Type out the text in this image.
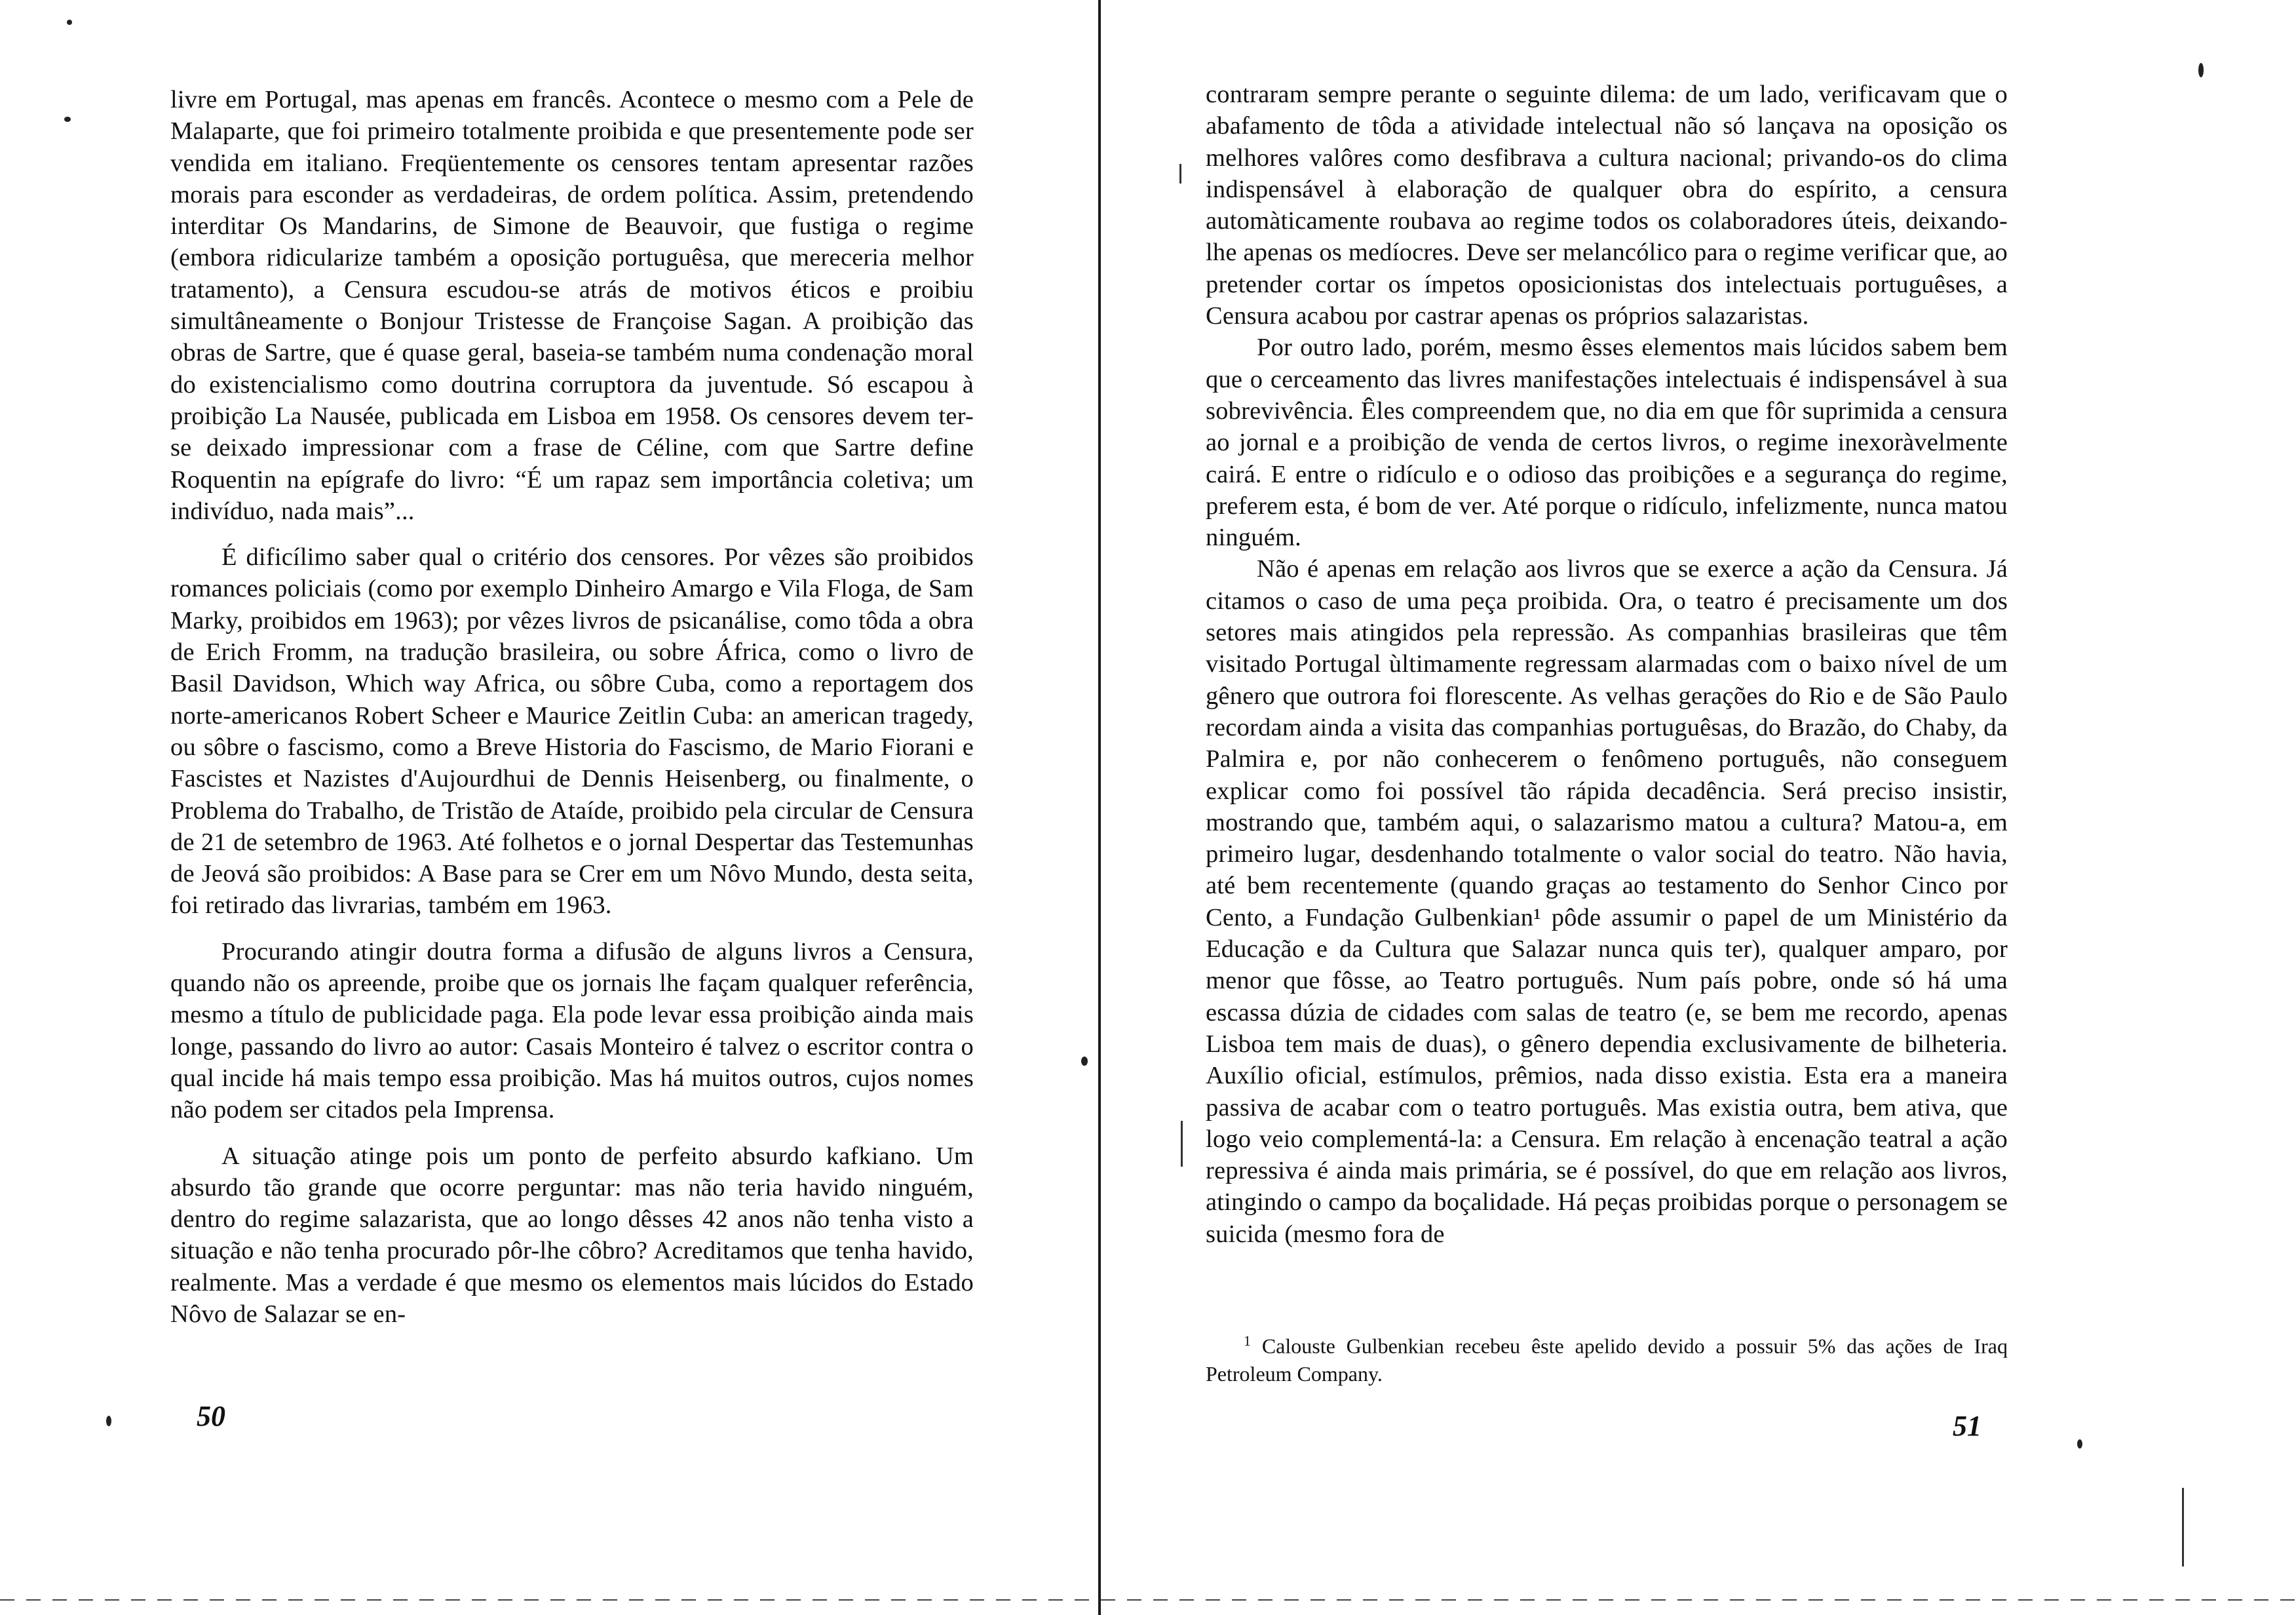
livre em Portugal, mas apenas em francês. Acontece o mesmo com a Pele de Malaparte, que foi primeiro totalmente proibida e que presentemente pode ser vendida em italiano. Freqüentemente os censores tentam apresentar razões morais para esconder as verdadeiras, de ordem política. Assim, pretendendo interditar Os Mandarins, de Simone de Beauvoir, que fustiga o regime (embora ridicularize também a oposição portuguêsa, que mereceria melhor tratamento), a Censura escudou-se atrás de motivos éticos e proibiu simultâneamente o Bonjour Tristesse de Françoise Sagan. A proibição das obras de Sartre, que é quase geral, baseia-se também numa condenação moral do existencialismo como doutrina corruptora da juventude. Só escapou à proibição La Nausée, publicada em Lisboa em 1958. Os censores devem ter-se deixado impressionar com a frase de Céline, com que Sartre define Roquentin na epígrafe do livro: “É um rapaz sem importância coletiva; um indivíduo, nada mais”...

É dificílimo saber qual o critério dos censores. Por vêzes são proibidos romances policiais (como por exemplo Dinheiro Amargo e Vila Floga, de Sam Marky, proibidos em 1963); por vêzes livros de psicanálise, como tôda a obra de Erich Fromm, na tradução brasileira, ou sobre África, como o livro de Basil Davidson, Which way Africa, ou sôbre Cuba, como a reportagem dos norte-americanos Robert Scheer e Maurice Zeitlin Cuba: an american tragedy, ou sôbre o fascismo, como a Breve Historia do Fascismo, de Mario Fiorani e Fascistes et Nazistes d'Aujourdhui de Dennis Heisenberg, ou finalmente, o Problema do Trabalho, de Tristão de Ataíde, proibido pela circular de Censura de 21 de setembro de 1963. Até folhetos e o jornal Despertar das Testemunhas de Jeová são proibidos: A Base para se Crer em um Nôvo Mundo, desta seita, foi retirado das livrarias, também em 1963.

Procurando atingir doutra forma a difusão de alguns livros a Censura, quando não os apreende, proibe que os jornais lhe façam qualquer referência, mesmo a título de publicidade paga. Ela pode levar essa proibição ainda mais longe, passando do livro ao autor: Casais Monteiro é talvez o escritor contra o qual incide há mais tempo essa proibição. Mas há muitos outros, cujos nomes não podem ser citados pela Imprensa.

A situação atinge pois um ponto de perfeito absurdo kafkiano. Um absurdo tão grande que ocorre perguntar: mas não teria havido ninguém, dentro do regime salazarista, que ao longo dêsses 42 anos não tenha visto a situação e não tenha procurado pôr-lhe côbro? Acreditamos que tenha havido, realmente. Mas a verdade é que mesmo os elementos mais lúcidos do Estado Nôvo de Salazar se en-

50

contraram sempre perante o seguinte dilema: de um lado, verificavam que o abafamento de tôda a atividade intelectual não só lançava na oposição os melhores valôres como desfibrava a cultura nacional; privando-os do clima indispensável à elaboração de qualquer obra do espírito, a censura automàticamente roubava ao regime todos os colaboradores úteis, deixando-lhe apenas os medíocres. Deve ser melancólico para o regime verificar que, ao pretender cortar os ímpetos oposicionistas dos intelectuais portuguêses, a Censura acabou por castrar apenas os próprios salazaristas.

Por outro lado, porém, mesmo êsses elementos mais lúcidos sabem bem que o cerceamento das livres manifestações intelectuais é indispensável à sua sobrevivência. Êles compreendem que, no dia em que fôr suprimida a censura ao jornal e a proibição de venda de certos livros, o regime inexoràvelmente cairá. E entre o ridículo e o odioso das proibições e a segurança do regime, preferem esta, é bom de ver. Até porque o ridículo, infelizmente, nunca matou ninguém.

Não é apenas em relação aos livros que se exerce a ação da Censura. Já citamos o caso de uma peça proibida. Ora, o teatro é precisamente um dos setores mais atingidos pela repressão. As companhias brasileiras que têm visitado Portugal ùltimamente regressam alarmadas com o baixo nível de um gênero que outrora foi florescente. As velhas gerações do Rio e de São Paulo recordam ainda a visita das companhias portuguêsas, do Brazão, do Chaby, da Palmira e, por não conhecerem o fenômeno português, não conseguem explicar como foi possível tão rápida decadência. Será preciso insistir, mostrando que, também aqui, o salazarismo matou a cultura? Matou-a, em primeiro lugar, desdenhando totalmente o valor social do teatro. Não havia, até bem recentemente (quando graças ao testamento do Senhor Cinco por Cento, a Fundação Gulbenkian¹ pôde assumir o papel de um Ministério da Educação e da Cultura que Salazar nunca quis ter), qualquer amparo, por menor que fôsse, ao Teatro português. Num país pobre, onde só há uma escassa dúzia de cidades com salas de teatro (e, se bem me recordo, apenas Lisboa tem mais de duas), o gênero dependia exclusivamente de bilheteria. Auxílio oficial, estímulos, prêmios, nada disso existia. Esta era a maneira passiva de acabar com o teatro português. Mas existia outra, bem ativa, que logo veio complementá-la: a Censura. Em relação à encenação teatral a ação repressiva é ainda mais primária, se é possível, do que em relação aos livros, atingindo o campo da boçalidade. Há peças proibidas porque o personagem se suicida (mesmo fora de

$^1$ Calouste Gulbenkian recebeu êste apelido devido a possuir 5% das ações de Iraq Petroleum Company.
51
